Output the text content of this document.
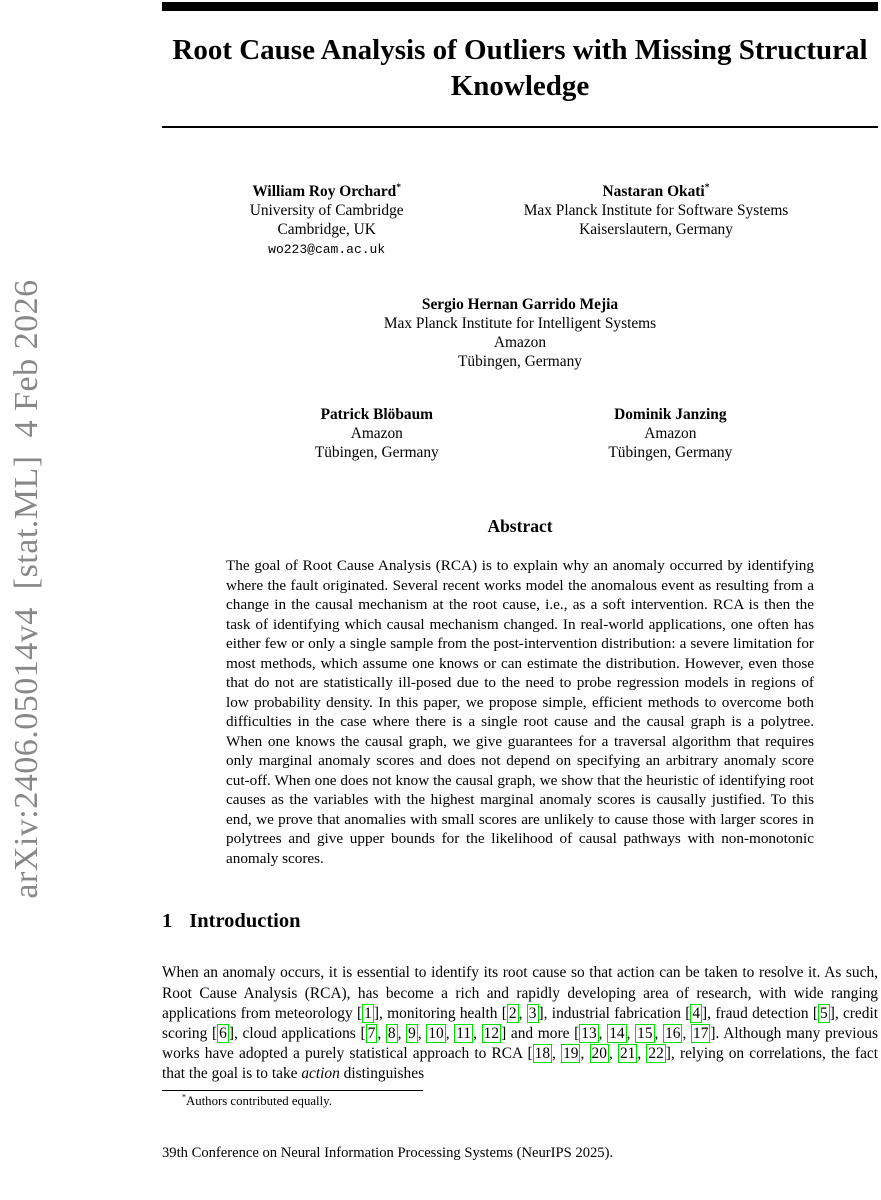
arXiv:2406.05014v4  [stat.ML]  4 Feb 2026
Root Cause Analysis of Outliers with Missing Structural Knowledge
William Roy Orchard*
University of Cambridge
Cambridge, UK
wo223@cam.ac.uk
Nastaran Okati*
Max Planck Institute for Software Systems
Kaiserslautern, Germany
Sergio Hernan Garrido Mejia
Max Planck Institute for Intelligent Systems
Amazon
Tübingen, Germany
Patrick Blöbaum
Amazon
Tübingen, Germany
Dominik Janzing
Amazon
Tübingen, Germany
Abstract
The goal of Root Cause Analysis (RCA) is to explain why an anomaly occurred by identifying where the fault originated. Several recent works model the anomalous event as resulting from a change in the causal mechanism at the root cause, i.e., as a soft intervention. RCA is then the task of identifying which causal mechanism changed. In real-world applications, one often has either few or only a single sample from the post-intervention distribution: a severe limitation for most methods, which assume one knows or can estimate the distribution. However, even those that do not are statistically ill-posed due to the need to probe regression models in regions of low probability density. In this paper, we propose simple, efficient methods to overcome both difficulties in the case where there is a single root cause and the causal graph is a polytree. When one knows the causal graph, we give guarantees for a traversal algorithm that requires only marginal anomaly scores and does not depend on specifying an arbitrary anomaly score cut-off. When one does not know the causal graph, we show that the heuristic of identifying root causes as the variables with the highest marginal anomaly scores is causally justified. To this end, we prove that anomalies with small scores are unlikely to cause those with larger scores in polytrees and give upper bounds for the likelihood of causal pathways with non-monotonic anomaly scores.
1 Introduction
When an anomaly occurs, it is essential to identify its root cause so that action can be taken to resolve it. As such, Root Cause Analysis (RCA), has become a rich and rapidly developing area of research, with wide ranging applications from meteorology [ 1 ], monitoring health [ 2 , 3 ], industrial fabrication [ 4 ], fraud detection [ 5 ], credit scoring [ 6 ], cloud applications [ 7 , 8 , 9 , 10 , 11 , 12 ] and more [ 13 , 14 , 15 , 16 , 17 ]. Although many previous works have adopted a purely statistical approach to RCA [ 18 , 19 , 20 , 21 , 22 ], relying on correlations, the fact that the goal is to take action distinguishes
*Authors contributed equally.
39th Conference on Neural Information Processing Systems (NeurIPS 2025).
